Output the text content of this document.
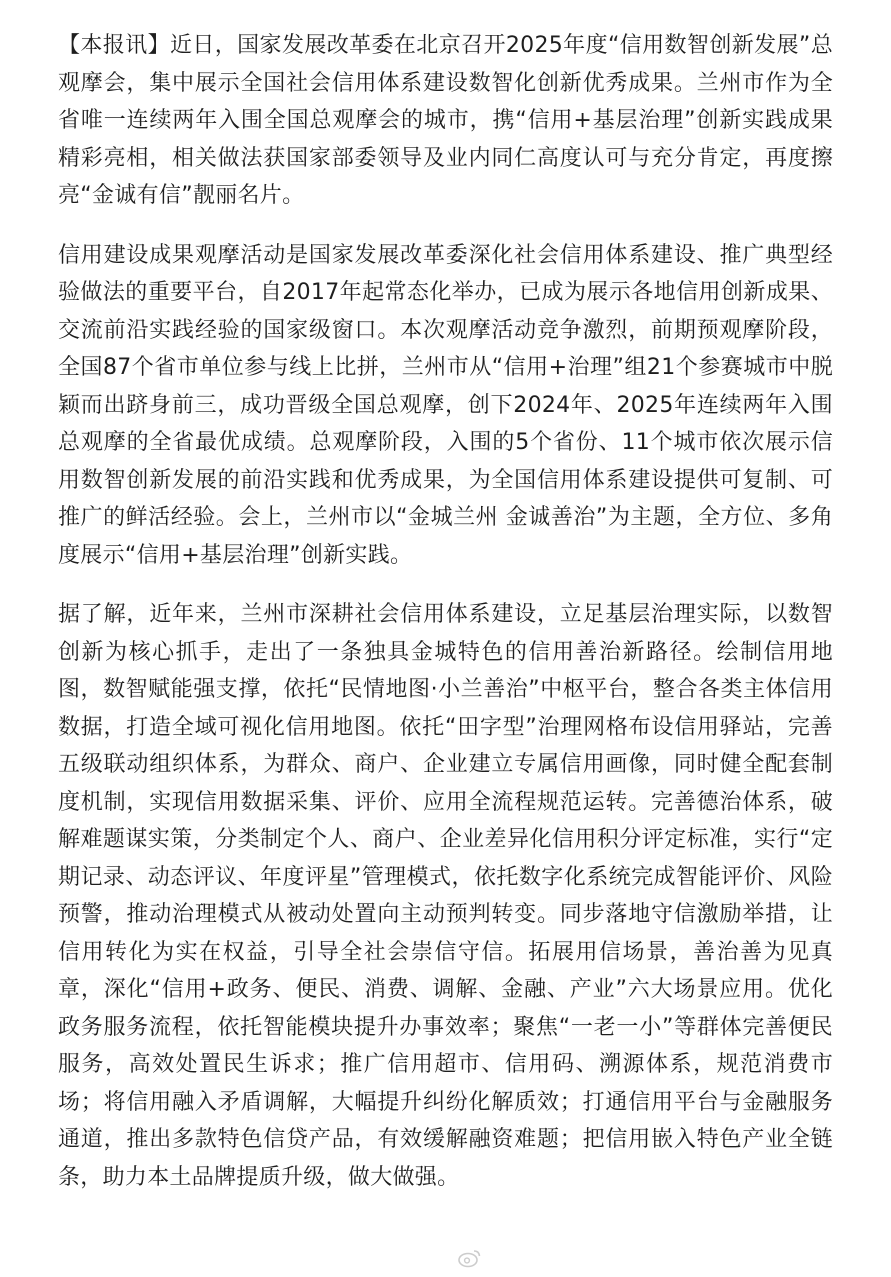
【本报讯】近日，国家发展改革委在北京召开2025年度“信用数智创新发展”总观摩会，集中展示全国社会信用体系建设数智化创新优秀成果。兰州市作为全省唯一连续两年入围全国总观摩会的城市，携“信用+基层治理”创新实践成果精彩亮相，相关做法获国家部委领导及业内同仁高度认可与充分肯定，再度擦亮“金诚有信”靓丽名片。

信用建设成果观摩活动是国家发展改革委深化社会信用体系建设、推广典型经验做法的重要平台，自2017年起常态化举办，已成为展示各地信用创新成果、交流前沿实践经验的国家级窗口。本次观摩活动竞争激烈，前期预观摩阶段，全国87个省市单位参与线上比拼，兰州市从“信用+治理”组21个参赛城市中脱颖而出跻身前三，成功晋级全国总观摩，创下2024年、2025年连续两年入围总观摩的全省最优成绩。总观摩阶段，入围的5个省份、11个城市依次展示信用数智创新发展的前沿实践和优秀成果，为全国信用体系建设提供可复制、可推广的鲜活经验。会上，兰州市以“金城兰州 金诚善治”为主题，全方位、多角度展示“信用+基层治理”创新实践。

据了解，近年来，兰州市深耕社会信用体系建设，立足基层治理实际，以数智创新为核心抓手，走出了一条独具金城特色的信用善治新路径。绘制信用地图，数智赋能强支撑，依托“民情地图·小兰善治”中枢平台，整合各类主体信用数据，打造全域可视化信用地图。依托“田字型”治理网格布设信用驿站，完善五级联动组织体系，为群众、商户、企业建立专属信用画像，同时健全配套制度机制，实现信用数据采集、评价、应用全流程规范运转。完善德治体系，破解难题谋实策，分类制定个人、商户、企业差异化信用积分评定标准，实行“定期记录、动态评议、年度评星”管理模式，依托数字化系统完成智能评价、风险预警，推动治理模式从被动处置向主动预判转变。同步落地守信激励举措，让信用转化为实在权益，引导全社会崇信守信。拓展用信场景，善治善为见真章，深化“信用+政务、便民、消费、调解、金融、产业”六大场景应用。优化政务服务流程，依托智能模块提升办事效率；聚焦“一老一小”等群体完善便民服务，高效处置民生诉求；推广信用超市、信用码、溯源体系，规范消费市场；将信用融入矛盾调解，大幅提升纠纷化解质效；打通信用平台与金融服务通道，推出多款特色信贷产品，有效缓解融资难题；把信用嵌入特色产业全链条，助力本土品牌提质升级，做大做强。
